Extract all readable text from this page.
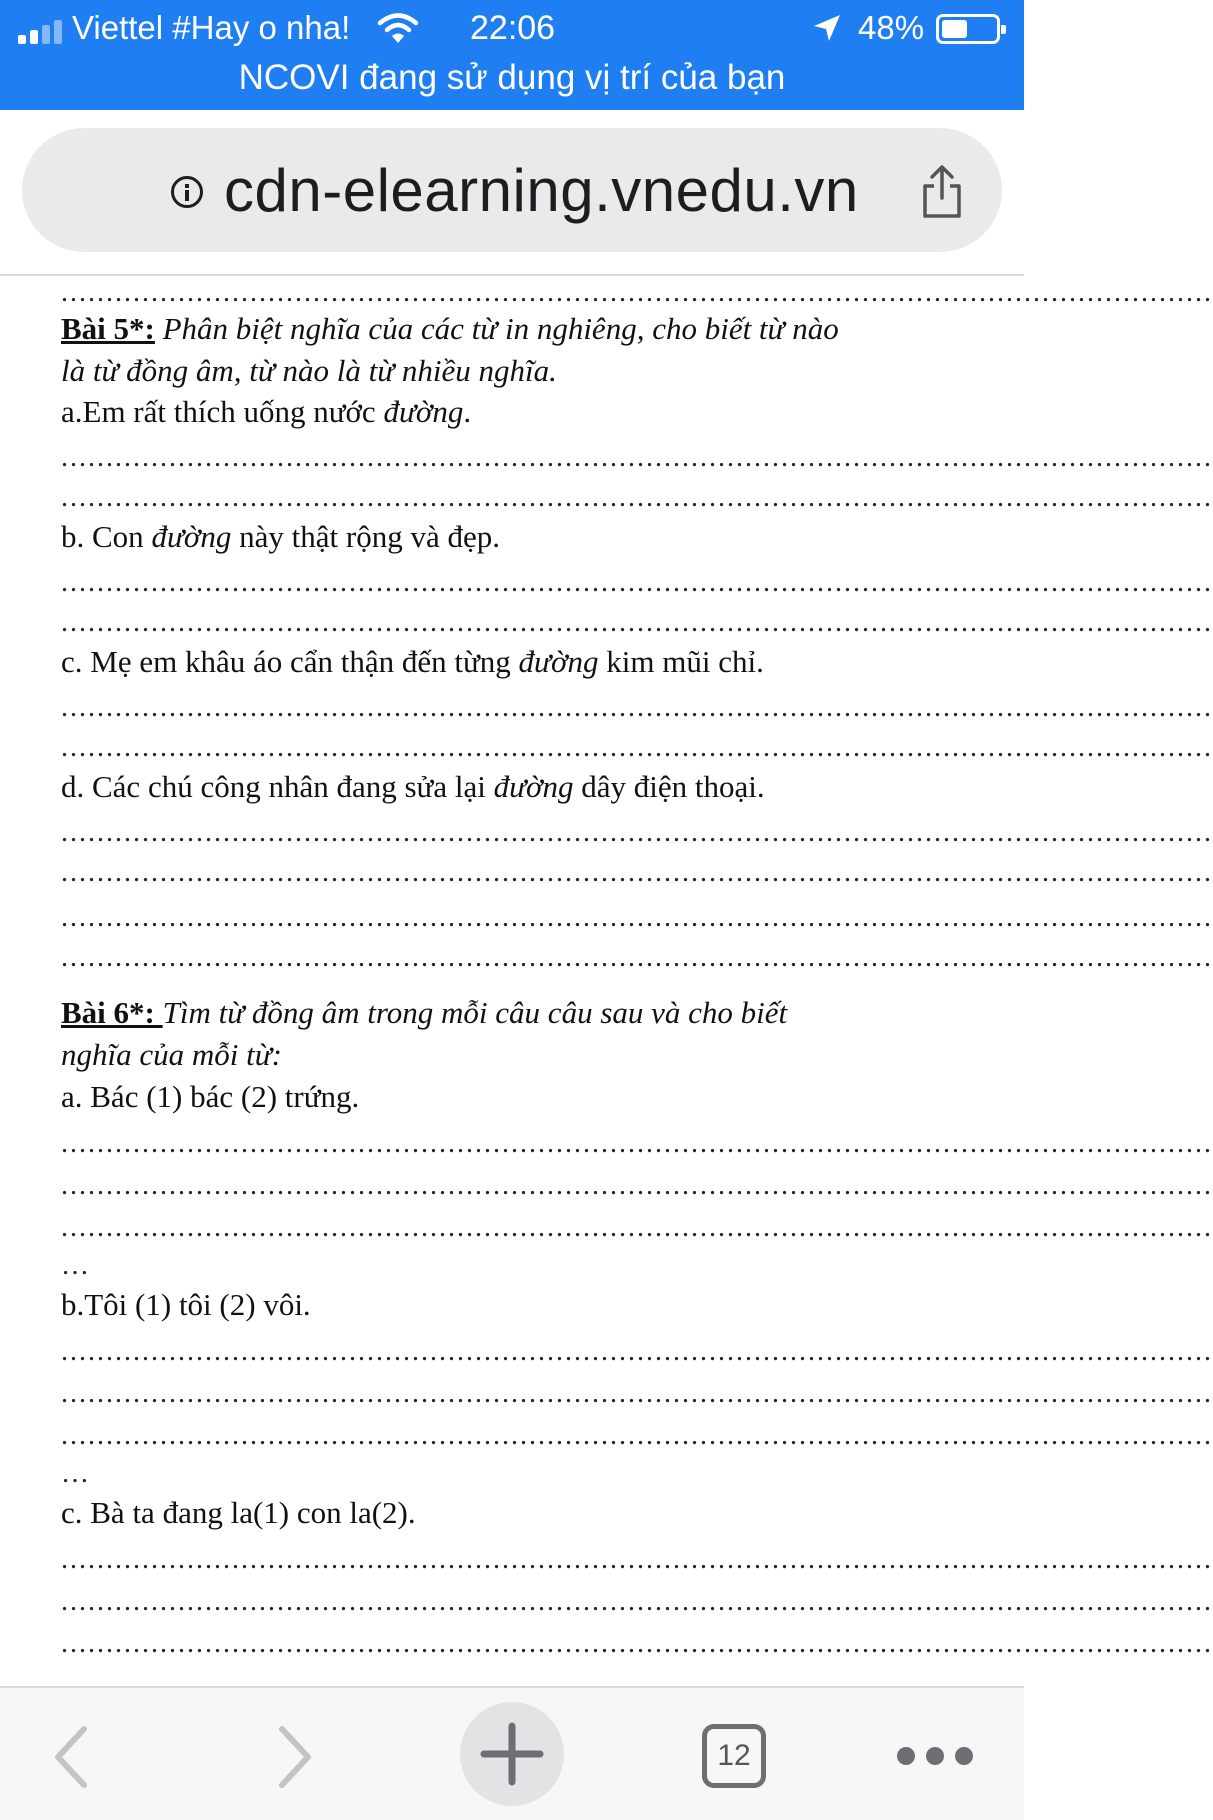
Viettel #Hay o nha!	22:06	48%
NCOVI đang sử dụng vị trí của bạn
cdn-elearning.vnedu.vn
................................................................................................................................
Bài 5*: Phân biệt nghĩa của các từ in nghiêng, cho biết từ nào
là từ đồng âm, từ nào là từ nhiều nghĩa.
a.Em rất thích uống nước đường.
................................................................................................................................
................................................................................................................................
b. Con đường này thật rộng và đẹp.
................................................................................................................................
................................................................................................................................
c. Mẹ em khâu áo cẩn thận đến từng đường kim mũi chỉ.
................................................................................................................................
................................................................................................................................
d. Các chú công nhân đang sửa lại đường dây điện thoại.
................................................................................................................................
................................................................................................................................
................................................................................................................................
................................................................................................................................
Bài 6*: Tìm từ đồng âm trong mỗi câu câu sau và cho biết
nghĩa của mỗi từ:
a. Bác (1) bác (2) trứng.
................................................................................................................................
................................................................................................................................
................................................................................................................................
…
b.Tôi (1) tôi (2) vôi.
................................................................................................................................
................................................................................................................................
................................................................................................................................
…
c. Bà ta đang la(1) con la(2).
................................................................................................................................
................................................................................................................................
................................................................................................................................
12
